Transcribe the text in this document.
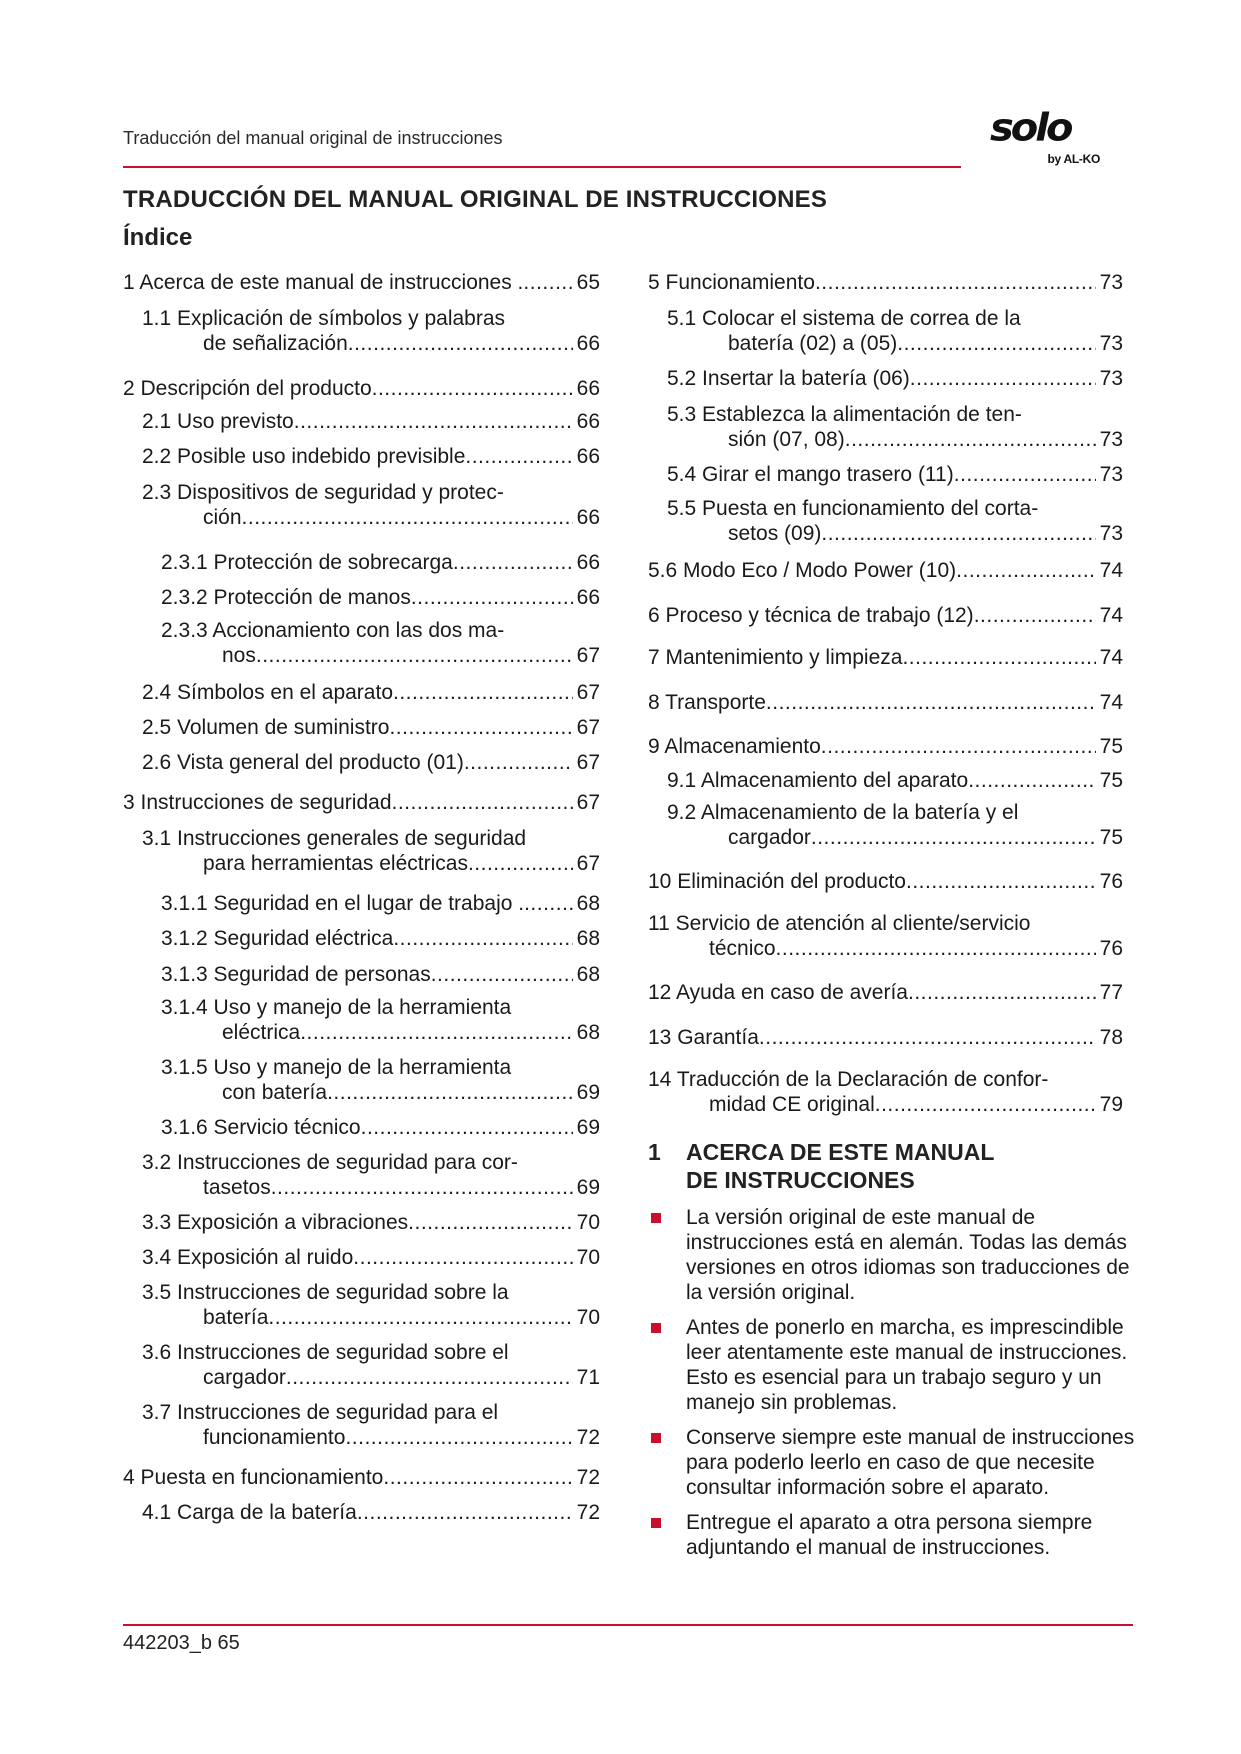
Traducción del manual original de instrucciones	solo
by AL-KO
TRADUCCIÓN DEL MANUAL ORIGINAL DE INSTRUCCIONES
Índice
1 Acerca de este manual de instrucciones . .....	65
1.1 Explicación de símbolos y palabras
de señalización .....	66
2 Descripción del producto .....	66
2.1 Uso previsto .....	66
2.2 Posible uso indebido previsible .....	66
2.3 Dispositivos de seguridad y protec-
ción .....	66
2.3.1 Protección de sobrecarga .....	66
2.3.2 Protección de manos .....	66
2.3.3 Accionamiento con las dos ma-
nos .....	67
2.4 Símbolos en el aparato .....	67
2.5 Volumen de suministro .....	67
2.6 Vista general del producto (01) .....	67
3 Instrucciones de seguridad .....	67
3.1 Instrucciones generales de seguridad
para herramientas eléctricas .....	67
3.1.1 Seguridad en el lugar de trabajo . .....	68
3.1.2 Seguridad eléctrica .....	68
3.1.3 Seguridad de personas .....	68
3.1.4 Uso y manejo de la herramienta
eléctrica .....	68
3.1.5 Uso y manejo de la herramienta
con batería .....	69
3.1.6 Servicio técnico .....	69
3.2 Instrucciones de seguridad para cor-
tasetos .....	69
3.3 Exposición a vibraciones .....	70
3.4 Exposición al ruido .....	70
3.5 Instrucciones de seguridad sobre la
batería .....	70
3.6 Instrucciones de seguridad sobre el
cargador .....	71
3.7 Instrucciones de seguridad para el
funcionamiento .....	72
4 Puesta en funcionamiento .....	72
4.1 Carga de la batería .....	72
5 Funcionamiento .....	73
5.1 Colocar el sistema de correa de la
batería (02) a (05) .....	73
5.2 Insertar la batería (06) .....	73
5.3 Establezca la alimentación de ten-
sión (07, 08) .....	73
5.4 Girar el mango trasero (11) .....	73
5.5 Puesta en funcionamiento del corta-
setos (09) .....	73
5.6 Modo Eco / Modo Power (10) .....	74
6 Proceso y técnica de trabajo (12) .....	74
7 Mantenimiento y limpieza .....	74
8 Transporte .....	74
9 Almacenamiento .....	75
9.1 Almacenamiento del aparato .....	75
9.2 Almacenamiento de la batería y el
cargador .....	75
10 Eliminación del producto .....	76
11 Servicio de atención al cliente/servicio
técnico .....	76
12 Ayuda en caso de avería .....	77
13 Garantía .....	78
14 Traducción de la Declaración de confor-
midad CE original .....	79
1	ACERCA DE ESTE MANUAL DE INSTRUCCIONES
La versión original de este manual de instrucciones está en alemán. Todas las demás versiones en otros idiomas son traducciones de la versión original.
Antes de ponerlo en marcha, es imprescindible leer atentamente este manual de instrucciones. Esto es esencial para un trabajo seguro y un manejo sin problemas.
Conserve siempre este manual de instrucciones para poderlo leerlo en caso de que necesite consultar información sobre el aparato.
Entregue el aparato a otra persona siempre adjuntando el manual de instrucciones.
442203_b 65
